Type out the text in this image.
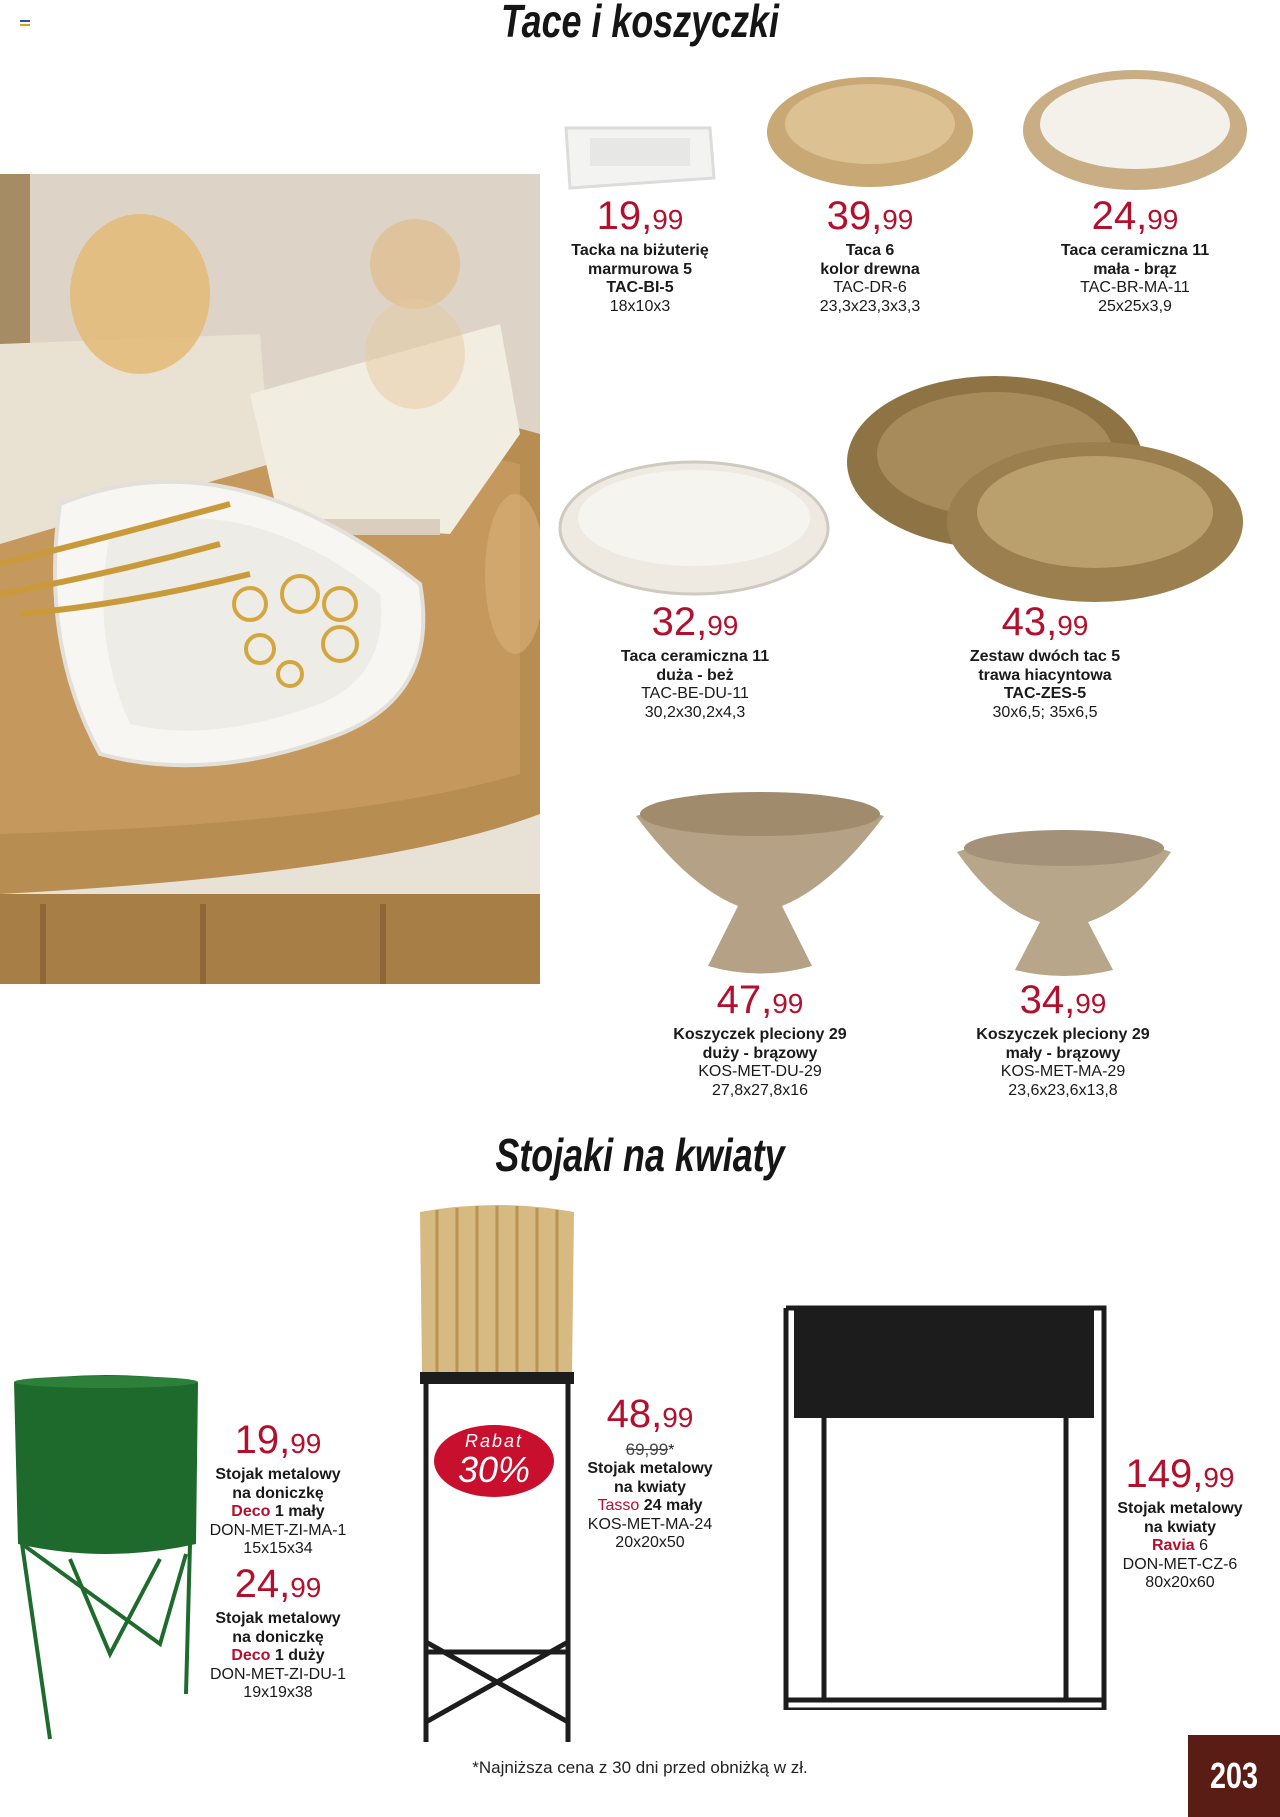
Tace i koszyczki
19,99
Tacka na biżuterię
marmurowa 5
TAC-BI-5
18x10x3
39,99
Taca 6
kolor drewna
TAC-DR-6
23,3x23,3x3,3
24,99
Taca ceramiczna 11
mała - brąz
TAC-BR-MA-11
25x25x3,9
32,99
Taca ceramiczna 11
duża - beż
TAC-BE-DU-11
30,2x30,2x4,3
43,99
Zestaw dwóch tac 5
trawa hiacyntowa
TAC-ZES-5
30x6,5; 35x6,5
47,99
Koszyczek pleciony 29
duży - brązowy
KOS-MET-DU-29
27,8x27,8x16
34,99
Koszyczek pleciony 29
mały - brązowy
KOS-MET-MA-29
23,6x23,6x13,8
Stojaki na kwiaty
Rabat
30%
19,99
Stojak metalowy
na doniczkę
Deco 1 mały
DON-MET-ZI-MA-1
15x15x34
24,99
Stojak metalowy
na doniczkę
Deco 1 duży
DON-MET-ZI-DU-1
19x19x38
48,99
69,99*
Stojak metalowy
na kwiaty
Tasso 24 mały
KOS-MET-MA-24
20x20x50
149,99
Stojak metalowy
na kwiaty
Ravia 6
DON-MET-CZ-6
80x20x60
*Najniższa cena z 30 dni przed obniżką w zł.	203
